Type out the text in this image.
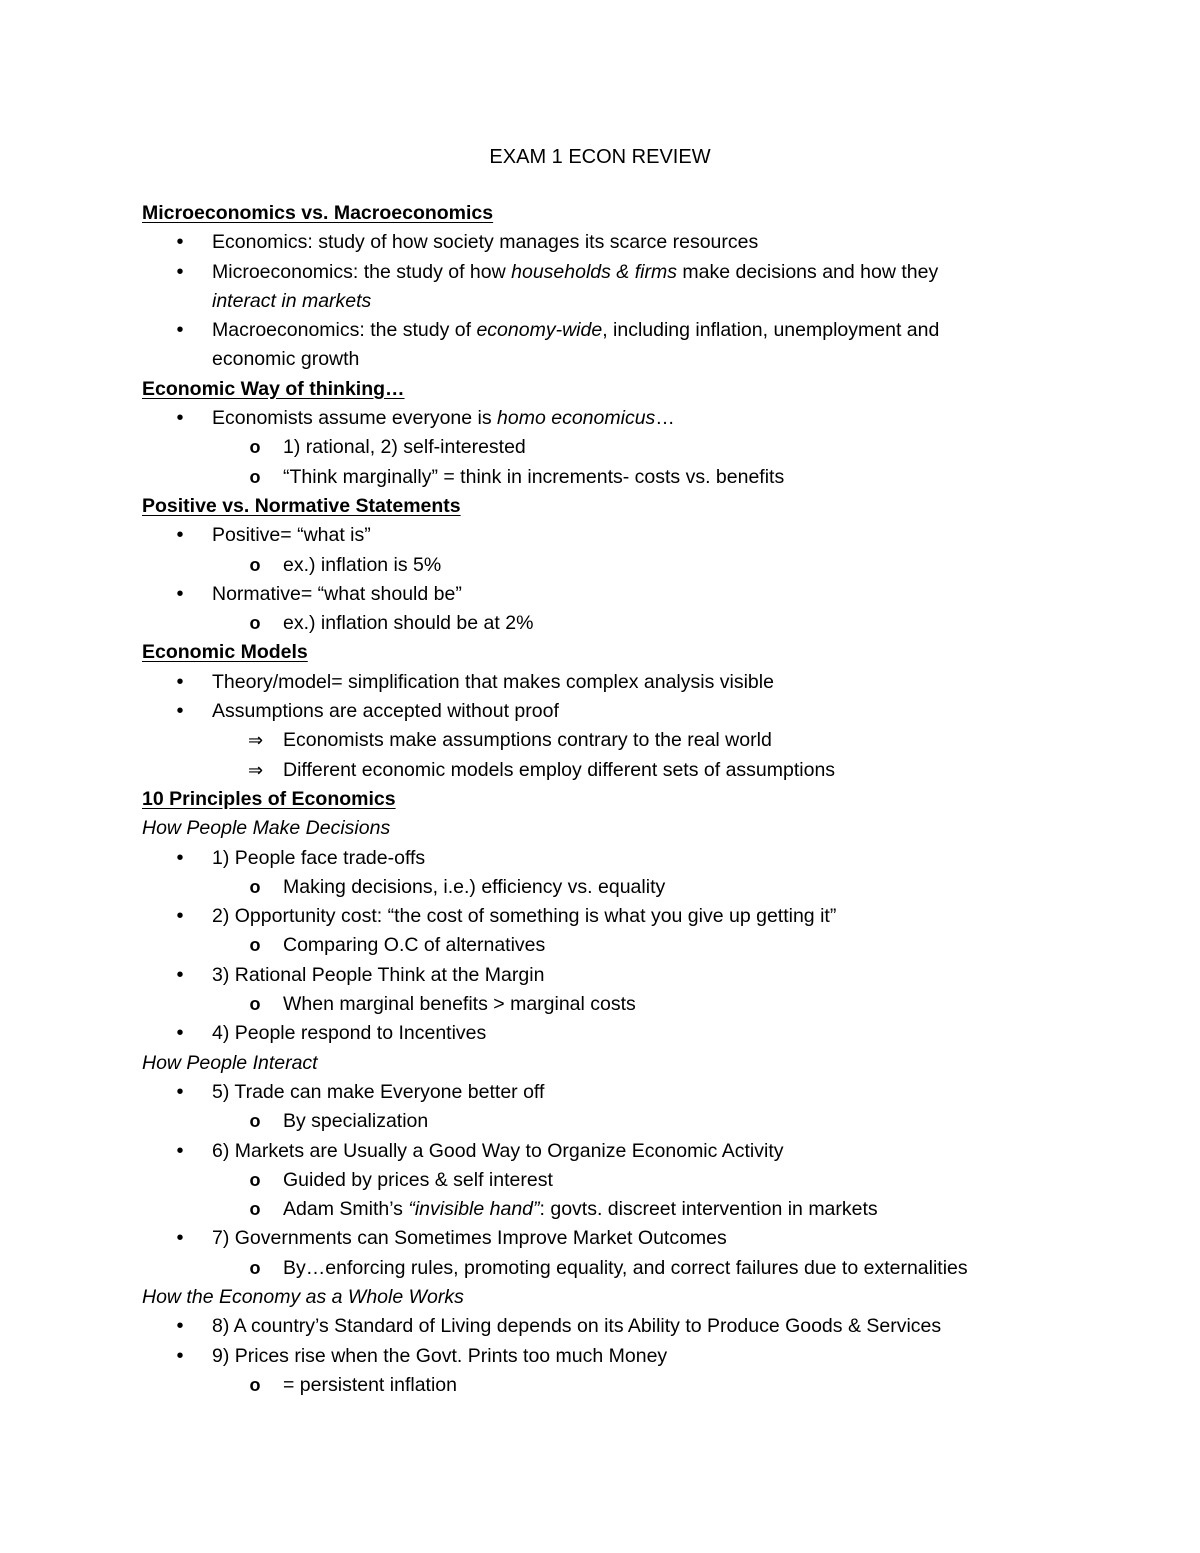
EXAM 1 ECON REVIEW
Microeconomics vs. Macroeconomics
•
Economics: study of how society manages its scarce resources
•
Microeconomics: the study of how households & firms make decisions and how they
interact in markets
•
Macroeconomics: the study of economy-wide, including inflation, unemployment and
economic growth
Economic Way of thinking…
•
Economists assume everyone is homo economicus…
o
1) rational, 2) self-interested
o
“Think marginally” = think in increments- costs vs. benefits
Positive vs. Normative Statements
•
Positive= “what is”
o
ex.) inflation is 5%
•
Normative= “what should be”
o
ex.) inflation should be at 2%
Economic Models
•
Theory/model= simplification that makes complex analysis visible
•
Assumptions are accepted without proof
⇒
Economists make assumptions contrary to the real world
⇒
Different economic models employ different sets of assumptions
10 Principles of Economics
How People Make Decisions
•
1) People face trade-offs
o
Making decisions, i.e.) efficiency vs. equality
•
2) Opportunity cost: “the cost of something is what you give up getting it”
o
Comparing O.C of alternatives
•
3) Rational People Think at the Margin
o
When marginal benefits > marginal costs
•
4) People respond to Incentives
How People Interact
•
5) Trade can make Everyone better off
o
By specialization
•
6) Markets are Usually a Good Way to Organize Economic Activity
o
Guided by prices & self interest
o
Adam Smith’s “invisible hand”: govts. discreet intervention in markets
•
7) Governments can Sometimes Improve Market Outcomes
o
By…enforcing rules, promoting equality, and correct failures due to externalities
How the Economy as a Whole Works
•
8) A country’s Standard of Living depends on its Ability to Produce Goods & Services
•
9) Prices rise when the Govt. Prints too much Money
o
= persistent inflation
